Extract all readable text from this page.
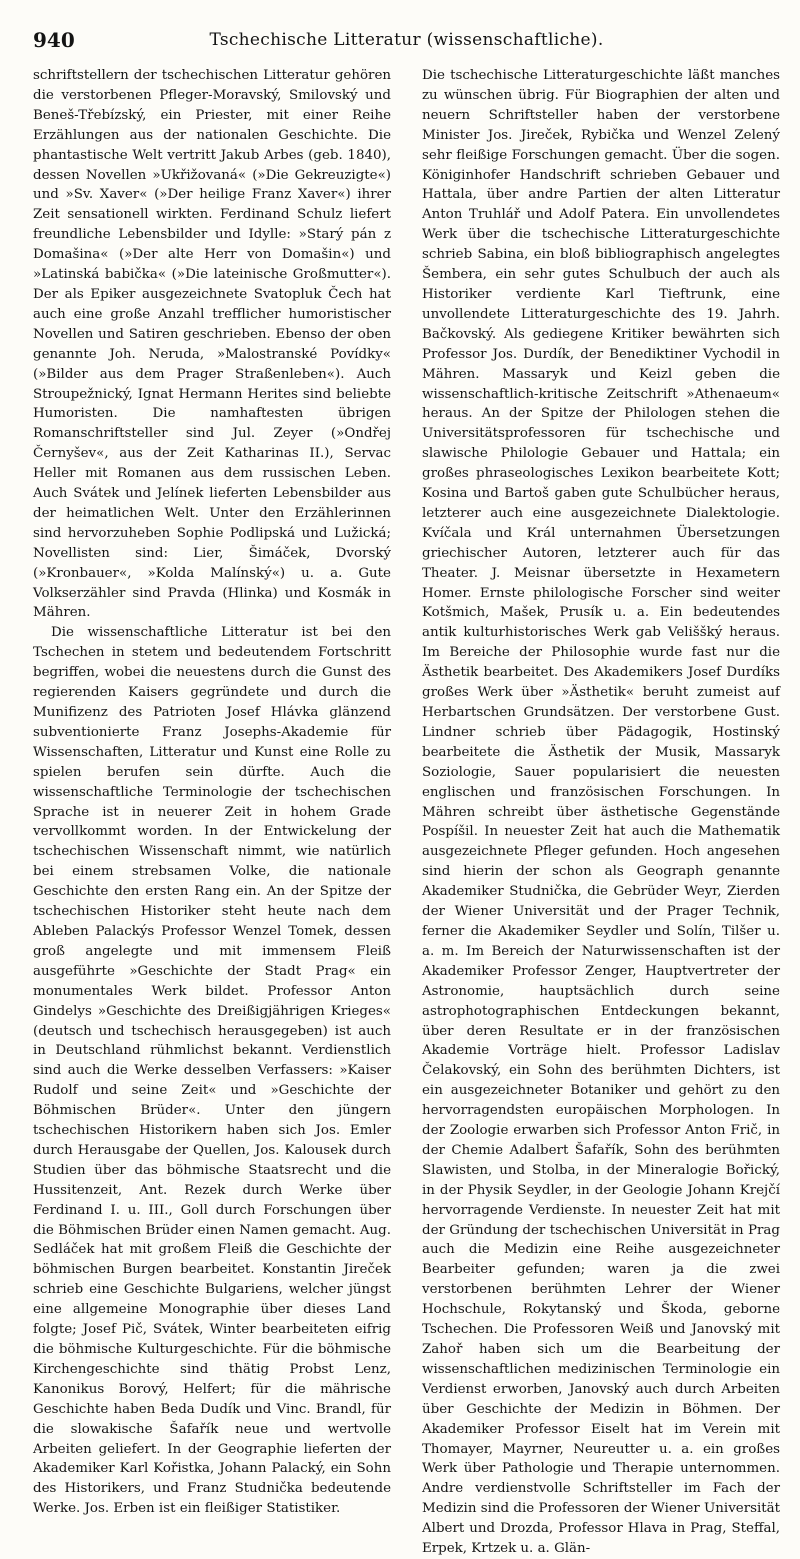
940	Tschechische Litteratur (wissenschaftliche).

schriftstellern der tschechischen Litteratur gehören die verstorbenen Pfleger-Moravský, Smilovský und Beneš-Třebízský, ein Priester, mit einer Reihe Erzählungen aus der nationalen Geschichte. Die phantastische Welt vertritt Jakub Arbes (geb. 1840), dessen Novellen »Ukřižovaná« (»Die Gekreuzigte«) und »Sv. Xaver« (»Der heilige Franz Xaver«) ihrer Zeit sensationell wirkten. Ferdinand Schulz liefert freundliche Lebensbilder und Idylle: »Starý pán z Domašina« (»Der alte Herr von Domašin«) und »Latinská babička« (»Die lateinische Großmutter«). Der als Epiker ausgezeichnete Svatopluk Čech hat auch eine große Anzahl trefflicher humoristischer Novellen und Satiren geschrieben. Ebenso der oben genannte Joh. Neruda, »Malostranské Povídky« (»Bilder aus dem Prager Straßenleben«). Auch Stroupežnický, Ignat Hermann Herites sind beliebte Humoristen. Die namhaftesten übrigen Romanschriftsteller sind Jul. Zeyer (»Ondřej Černyšev«, aus der Zeit Katharinas II.), Servac Heller mit Romanen aus dem russischen Leben. Auch Svátek und Jelínek lieferten Lebensbilder aus der heimatlichen Welt. Unter den Erzählerinnen sind hervorzuheben Sophie Podlipská und Lužická; Novellisten sind: Lier, Šimáček, Dvorský (»Kronbauer«, »Kolda Malínský«) u. a. Gute Volkserzähler sind Pravda (Hlinka) und Kosmák in Mähren.

Die wissenschaftliche Litteratur ist bei den Tschechen in stetem und bedeutendem Fortschritt begriffen, wobei die neuestens durch die Gunst des regierenden Kaisers gegründete und durch die Munifizenz des Patrioten Josef Hlávka glänzend subventionierte Franz Josephs-Akademie für Wissenschaften, Litteratur und Kunst eine Rolle zu spielen berufen sein dürfte. Auch die wissenschaftliche Terminologie der tschechischen Sprache ist in neuerer Zeit in hohem Grade vervollkommt worden. In der Entwickelung der tschechischen Wissenschaft nimmt, wie natürlich bei einem strebsamen Volke, die nationale Geschichte den ersten Rang ein. An der Spitze der tschechischen Historiker steht heute nach dem Ableben Palackýs Professor Wenzel Tomek, dessen groß angelegte und mit immensem Fleiß ausgeführte »Geschichte der Stadt Prag« ein monumentales Werk bildet. Professor Anton Gindelys »Geschichte des Dreißigjährigen Krieges« (deutsch und tschechisch herausgegeben) ist auch in Deutschland rühmlichst bekannt. Verdienstlich sind auch die Werke desselben Verfassers: »Kaiser Rudolf und seine Zeit« und »Geschichte der Böhmischen Brüder«. Unter den jüngern tschechischen Historikern haben sich Jos. Emler durch Herausgabe der Quellen, Jos. Kalousek durch Studien über das böhmische Staatsrecht und die Hussitenzeit, Ant. Rezek durch Werke über Ferdinand I. u. III., Goll durch Forschungen über die Böhmischen Brüder einen Namen gemacht. Aug. Sedláček hat mit großem Fleiß die Geschichte der böhmischen Burgen bearbeitet. Konstantin Jireček schrieb eine Geschichte Bulgariens, welcher jüngst eine allgemeine Monographie über dieses Land folgte; Josef Pič, Svátek, Winter bearbeiteten eifrig die böhmische Kulturgeschichte. Für die böhmische Kirchengeschichte sind thätig Probst Lenz, Kanonikus Borový, Helfert; für die mährische Geschichte haben Beda Dudík und Vinc. Brandl, für die slowakische Šafařík neue und wertvolle Arbeiten geliefert. In der Geographie lieferten der Akademiker Karl Kořistka, Johann Palacký, ein Sohn des Historikers, und Franz Studnička bedeutende Werke. Jos. Erben ist ein fleißiger Statistiker.

Die tschechische Litteraturgeschichte läßt manches zu wünschen übrig. Für Biographien der alten und neuern Schriftsteller haben der verstorbene Minister Jos. Jireček, Rybička und Wenzel Zelený sehr fleißige Forschungen gemacht. Über die sogen. Königinhofer Handschrift schrieben Gebauer und Hattala, über andre Partien der alten Litteratur Anton Truhlář und Adolf Patera. Ein unvollendetes Werk über die tschechische Litteraturgeschichte schrieb Sabina, ein bloß bibliographisch angelegtes Šembera, ein sehr gutes Schulbuch der auch als Historiker verdiente Karl Tieftrunk, eine unvollendete Litteraturgeschichte des 19. Jahrh. Bačkovský. Als gediegene Kritiker bewährten sich Professor Jos. Durdík, der Benediktiner Vychodil in Mähren. Massaryk und Keizl geben die wissenschaftlich-kritische Zeitschrift »Athenaeum« heraus. An der Spitze der Philologen stehen die Universitätsprofessoren für tschechische und slawische Philologie Gebauer und Hattala; ein großes phraseologisches Lexikon bearbeitete Kott; Kosina und Bartoš gaben gute Schulbücher heraus, letzterer auch eine ausgezeichnete Dialektologie. Kvíčala und Král unternahmen Übersetzungen griechischer Autoren, letzterer auch für das Theater. J. Meisnar übersetzte in Hexametern Homer. Ernste philologische Forscher sind weiter Kotšmich, Mašek, Prusík u. a. Ein bedeutendes antik kulturhistorisches Werk gab Veliššký heraus. Im Bereiche der Philosophie wurde fast nur die Ästhetik bearbeitet. Des Akademikers Josef Durdíks großes Werk über »Ästhetik« beruht zumeist auf Herbartschen Grundsätzen. Der verstorbene Gust. Lindner schrieb über Pädagogik, Hostinský bearbeitete die Ästhetik der Musik, Massaryk Soziologie, Sauer popularisiert die neuesten englischen und französischen Forschungen. In Mähren schreibt über ästhetische Gegenstände Pospíšil. In neuester Zeit hat auch die Mathematik ausgezeichnete Pfleger gefunden. Hoch angesehen sind hierin der schon als Geograph genannte Akademiker Studnička, die Gebrüder Weyr, Zierden der Wiener Universität und der Prager Technik, ferner die Akademiker Seydler und Solín, Tilšer u. a. m. Im Bereich der Naturwissenschaften ist der Akademiker Professor Zenger, Hauptvertreter der Astronomie, hauptsächlich durch seine astrophotographischen Entdeckungen bekannt, über deren Resultate er in der französischen Akademie Vorträge hielt. Professor Ladislav Čelakovský, ein Sohn des berühmten Dichters, ist ein ausgezeichneter Botaniker und gehört zu den hervorragendsten europäischen Morphologen. In der Zoologie erwarben sich Professor Anton Frič, in der Chemie Adalbert Šafařík, Sohn des berühmten Slawisten, und Stolba, in der Mineralogie Bořický, in der Physik Seydler, in der Geologie Johann Krejčí hervorragende Verdienste. In neuester Zeit hat mit der Gründung der tschechischen Universität in Prag auch die Medizin eine Reihe ausgezeichneter Bearbeiter gefunden; waren ja die zwei verstorbenen berühmten Lehrer der Wiener Hochschule, Rokytanský und Škoda, geborne Tschechen. Die Professoren Weiß und Janovský mit Zahoř haben sich um die Bearbeitung der wissenschaftlichen medizinischen Terminologie ein Verdienst erworben, Janovský auch durch Arbeiten über Geschichte der Medizin in Böhmen. Der Akademiker Professor Eiselt hat im Verein mit Thomayer, Mayrner, Neureutter u. a. ein großes Werk über Pathologie und Therapie unternommen. Andre verdienstvolle Schriftsteller im Fach der Medizin sind die Professoren der Wiener Universität Albert und Drozda, Professor Hlava in Prag, Steffal, Erpek, Krtzek u. a. Glän-
